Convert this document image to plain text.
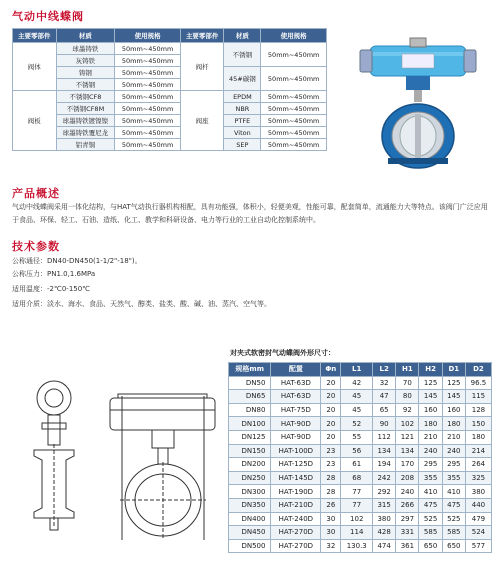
气动中线蝶阀
主要零部件	材质	使用规格	主要零部件	材质	使用规格
阀体	球墨铸铁	50mm~450mm	阀杆	不锈钢	50mm~450mm
	灰铸铁	50mm~450mm			
	铸钢	50mm~450mm		45#碳钢	50mm~450mm
	不锈钢	50mm~450mm			
阀板	不锈钢CF8	50mm~450mm	阀座	EPDM	50mm~450mm
	不锈钢CF8M	50mm~450mm		NBR	50mm~450mm
	球墨铸铁镀镍镍	50mm~450mm		PTFE	50mm~450mm
	球墨铸铁覆尼龙	50mm~450mm		Viton	50mm~450mm
	铝青铜	50mm~450mm		SEP	50mm~450mm
产品概述
气动中线蝶阀采用一体化结构，与HAT气动执行器机构相配，具有功能强，体积小，轻便美观，性能可靠，配套简单，流通能力大等特点。该阀门广泛应用于食品、环保、轻工、石油、造纸、化工、教学和科研设备、电力等行业的工业自动化控制系统中。
技术参数
公称通径：DN40-DN450(1-1/2"-18")。
公称压力：PN1.0,1.6MPa
适用温度：-2℃0-150℃
适用介质：淡水、海水、食品、天然气、醇类、盐类、酸、碱、油、蒸汽、空气等。
对夹式软密封气动蝶阀外形尺寸：
规格mm	配置	Φn	L1	L2	H1	H2	D1	D2
DN50	HAT-63D	20	42	32	70	125	125	96.5
DN65	HAT-63D	20	45	47	80	145	145	115
DN80	HAT-75D	20	45	65	92	160	160	128
DN100	HAT-90D	20	52	90	102	180	180	150
DN125	HAT-90D	20	55	112	121	210	210	180
DN150	HAT-100D	23	56	134	134	240	240	214
DN200	HAT-125D	23	61	194	170	295	295	264
DN250	HAT-145D	28	68	242	208	355	355	325
DN300	HAT-190D	28	77	292	240	410	410	380
DN350	HAT-210D	26	77	315	266	475	475	440
DN400	HAT-240D	30	102	380	297	525	525	479
DN450	HAT-270D	30	114	428	331	585	585	524
DN500	HAT-270D	32	130.3	474	361	650	650	577
